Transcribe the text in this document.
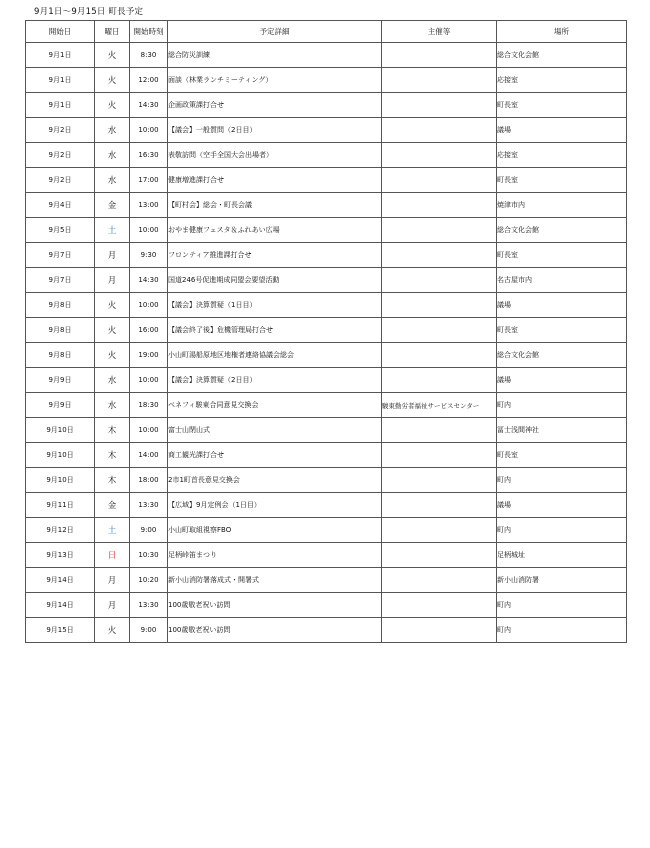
9月1日～9月15日 町長予定
開始日	曜日	開始時刻	予定詳細	主催等	場所
9月1日	火	8:30	総合防災訓練		総合文化会館
9月1日	火	12:00	面談（林業ランチミーティング）		応接室
9月1日	火	14:30	企画政策課打合せ		町長室
9月2日	水	10:00	【議会】一般質問（2日目）		議場
9月2日	水	16:30	表敬訪問（空手全国大会出場者）		応接室
9月2日	水	17:00	健康増進課打合せ		町長室
9月4日	金	13:00	【町村会】総会・町長会議		焼津市内
9月5日	土	10:00	おやま健康フェスタ＆ふれあい広場		総合文化会館
9月7日	月	9:30	フロンティア推進課打合せ		町長室
9月7日	月	14:30	国道246号促進期成同盟会要望活動		名古屋市内
9月8日	火	10:00	【議会】決算質疑（1日目）		議場
9月8日	火	16:00	【議会終了後】危機管理局打合せ		町長室
9月8日	火	19:00	小山町湯船原地区地権者連絡協議会総会		総合文化会館
9月9日	水	10:00	【議会】決算質疑（2日目）		議場
9月9日	水	18:30	ベネフィ駿東合同意見交換会	駿東勤労者福祉サービスセンター	町内
9月10日	木	10:00	富士山閉山式		冨士浅間神社
9月10日	木	14:00	商工観光課打合せ		町長室
9月10日	木	18:00	2市1町首長意見交換会		町内
9月11日	金	13:30	【広域】9月定例会（1日目）		議場
9月12日	土	9:00	小山町取組視察FBO		町内
9月13日	日	10:30	足柄峠笛まつり		足柄城址
9月14日	月	10:20	新小山消防署落成式・開署式		新小山消防署
9月14日	月	13:30	100歳敬老祝い訪問		町内
9月15日	火	9:00	100歳敬老祝い訪問		町内
